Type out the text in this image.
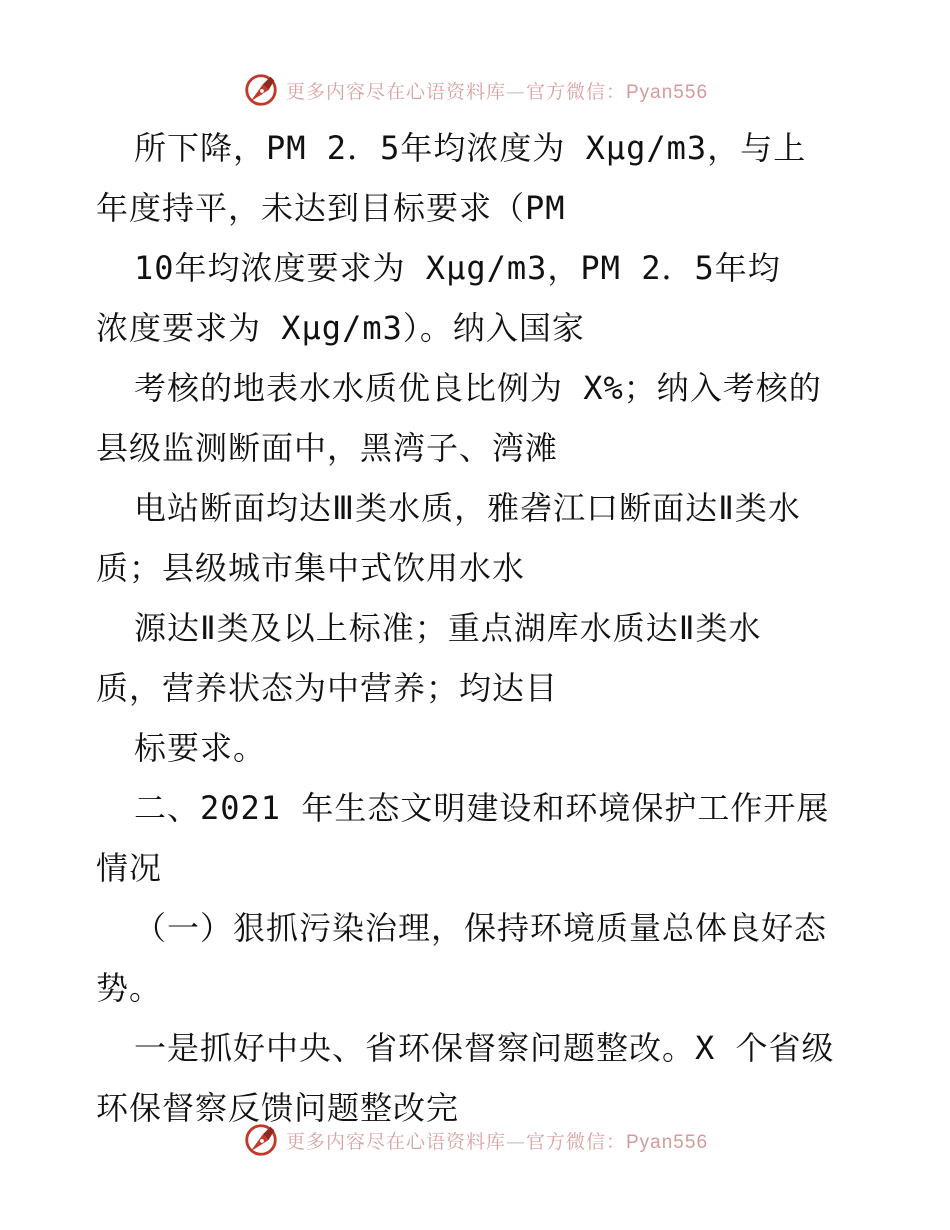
更多内容尽在心语资料库—官方微信：Pyan556
所下降，PM 2．5年均浓度为 Xμg/m3，与上
年度持平，未达到目标要求（PM
10年均浓度要求为 Xμg/m3，PM 2．5年均
浓度要求为 Xμg/m3）。纳入国家
考核的地表水水质优良比例为 X%；纳入考核的
县级监测断面中，黑湾子、湾滩
电站断面均达Ⅲ类水质，雅砻江口断面达Ⅱ类水
质；县级城市集中式饮用水水
源达Ⅱ类及以上标准；重点湖库水质达Ⅱ类水
质，营养状态为中营养；均达目
标要求。
二、2021 年生态文明建设和环境保护工作开展
情况
（一）狠抓污染治理，保持环境质量总体良好态
势。
一是抓好中央、省环保督察问题整改。X 个省级
环保督察反馈问题整改完
更多内容尽在心语资料库—官方微信：Pyan556
